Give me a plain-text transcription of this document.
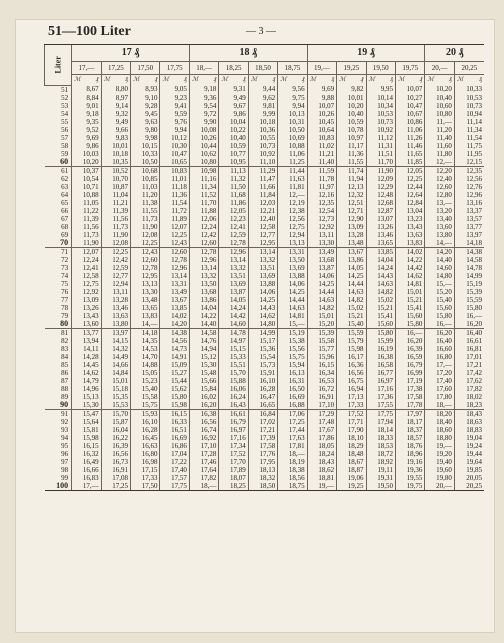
51—100 Liter	— 3 —
Liter	17 ₰				18 ₰				19 ₰				20 ₰	
	17,—	17,25	17,50	17,75	18,—	18,25	18,50	18,75	19,—	19,25	19,50	19,75	20,—	20,25

	ℳ ₰	ℳ ₰	ℳ ₰	ℳ ₰	ℳ ₰	ℳ ₰	ℳ ₰	ℳ ₰	ℳ ₰	ℳ ₰	ℳ ₰	ℳ ₰	ℳ ₰	ℳ ₰
51	8,67	8,80	8,93	9,05	9,18	9,31	9,44	9,56	9,69	9,82	9,95	10,07	10,20	10,33
52	8,84	8,97	9,10	9,23	9,36	9,49	9,62	9,75	9,88	10,01	10,14	10,27	10,40	10,53
53	9,01	9,14	9,28	9,41	9,54	9,67	9,81	9,94	10,07	10,20	10,34	10,47	10,60	10,73
54	9,18	9,32	9,45	9,59	9,72	9,86	9,99	10,13	10,26	10,40	10,53	10,67	10,80	10,94
55	9,35	9,49	9,63	9,76	9,90	10,04	10,18	10,31	10,45	10,59	10,73	10,86	11,—	11,14
56	9,52	9,66	9,80	9,94	10,08	10,22	10,36	10,50	10,64	10,78	10,92	11,06	11,20	11,34
57	9,69	9,83	9,98	10,12	10,26	10,40	10,55	10,69	10,83	10,97	11,12	11,26	11,40	11,54
58	9,86	10,01	10,15	10,30	10,44	10,59	10,73	10,88	11,02	11,17	11,31	11,46	11,60	11,75
59	10,03	10,18	10,33	10,47	10,62	10,77	10,92	11,06	11,21	11,36	11,51	11,65	11,80	11,95
60	10,20	10,35	10,50	10,65	10,80	10,95	11,10	11,25	11,40	11,55	11,70	11,85	12,—	12,15
61	10,37	10,52	10,68	10,83	10,98	11,13	11,29	11,44	11,59	11,74	11,90	12,05	12,20	12,35
62	10,54	10,70	10,85	11,01	11,16	11,32	11,47	11,63	11,78	11,94	12,09	12,25	12,40	12,56
63	10,71	10,87	11,03	11,18	11,34	11,50	11,66	11,81	11,97	12,13	12,29	12,44	12,60	12,76
64	10,88	11,04	11,20	11,36	11,52	11,68	11,84	12,—	12,16	12,32	12,48	12,64	12,80	12,96
65	11,05	11,21	11,38	11,54	11,70	11,86	12,03	12,19	12,35	12,51	12,68	12,84	13,—	13,16
66	11,22	11,39	11,55	11,72	11,88	12,05	12,21	12,38	12,54	12,71	12,87	13,04	13,20	13,37
67	11,39	11,56	11,73	11,89	12,06	12,23	12,40	12,56	12,73	12,90	13,07	13,23	13,40	13,57
68	11,56	11,73	11,90	12,07	12,24	12,41	12,58	12,75	12,92	13,09	13,26	13,43	13,60	13,77
69	11,73	11,90	12,08	12,25	12,42	12,59	12,77	12,94	13,11	13,28	13,46	13,63	13,80	13,97
70	11,90	12,08	12,25	12,43	12,60	12,78	12,95	13,13	13,30	13,48	13,65	13,83	14,—	14,18
71	12,07	12,25	12,43	12,60	12,78	12,96	13,14	13,31	13,49	13,67	13,85	14,02	14,20	14,38
72	12,24	12,42	12,60	12,78	12,96	13,14	13,32	13,50	13,68	13,86	14,04	14,22	14,40	14,58
73	12,41	12,59	12,78	12,96	13,14	13,32	13,51	13,69	13,87	14,05	14,24	14,42	14,60	14,78
74	12,58	12,77	12,95	13,14	13,32	13,51	13,69	13,88	14,06	14,25	14,43	14,62	14,80	14,99
75	12,75	12,94	13,13	13,31	13,50	13,69	13,88	14,06	14,25	14,44	14,63	14,81	15,—	15,19
76	12,92	13,11	13,30	13,49	13,68	13,87	14,06	14,25	14,44	14,63	14,82	15,01	15,20	15,39
77	13,09	13,28	13,48	13,67	13,86	14,05	14,25	14,44	14,63	14,82	15,02	15,21	15,40	15,59
78	13,26	13,46	13,65	13,85	14,04	14,24	14,43	14,63	14,82	15,02	15,21	15,41	15,60	15,80
79	13,43	13,63	13,83	14,02	14,22	14,42	14,62	14,81	15,01	15,21	15,41	15,60	15,80	16,—
80	13,60	13,80	14,—	14,20	14,40	14,60	14,80	15,—	15,20	15,40	15,60	15,80	16,—	16,20
81	13,77	13,97	14,18	14,38	14,58	14,78	14,99	15,19	15,39	15,59	15,80	16,—	16,20	16,40
82	13,94	14,15	14,35	14,56	14,76	14,97	15,17	15,38	15,58	15,79	15,99	16,20	16,40	16,61
83	14,11	14,32	14,53	14,73	14,94	15,15	15,36	15,56	15,77	15,98	16,19	16,39	16,60	16,81
84	14,28	14,49	14,70	14,91	15,12	15,33	15,54	15,75	15,96	16,17	16,38	16,59	16,80	17,01
85	14,45	14,66	14,88	15,09	15,30	15,51	15,73	15,94	16,15	16,36	16,58	16,79	17,—	17,21
86	14,62	14,84	15,05	15,27	15,48	15,70	15,91	16,13	16,34	16,56	16,77	16,99	17,20	17,42
87	14,79	15,01	15,23	15,44	15,66	15,88	16,10	16,31	16,53	16,75	16,97	17,19	17,40	17,62
88	14,96	15,18	15,40	15,62	15,84	16,06	16,28	16,50	16,72	16,94	17,16	17,38	17,60	17,82
89	15,13	15,35	15,58	15,80	16,02	16,24	16,47	16,69	16,91	17,13	17,36	17,58	17,80	18,02
90	15,30	15,53	15,75	15,98	16,20	16,43	16,65	16,88	17,10	17,33	17,55	17,78	18,—	18,23
91	15,47	15,70	15,93	16,15	16,38	16,61	16,84	17,06	17,29	17,52	17,75	17,97	18,20	18,43
92	15,64	15,87	16,10	16,33	16,56	16,79	17,02	17,25	17,48	17,71	17,94	18,17	18,40	18,63
93	15,81	16,04	16,28	16,51	16,74	16,97	17,21	17,44	17,67	17,90	18,14	18,37	18,60	18,83
94	15,98	16,22	16,45	16,69	16,92	17,16	17,39	17,63	17,86	18,10	18,33	18,57	18,80	19,04
95	16,15	16,39	16,63	16,86	17,10	17,34	17,58	17,81	18,05	18,29	18,53	18,76	19,—	19,24
96	16,32	16,56	16,80	17,04	17,28	17,52	17,76	18,—	18,24	18,48	18,72	18,96	19,20	19,44
97	16,49	16,73	16,98	17,22	17,46	17,70	17,95	18,19	18,43	18,67	18,92	19,16	19,40	19,64
98	16,66	16,91	17,15	17,40	17,64	17,89	18,13	18,38	18,62	18,87	19,11	19,36	19,60	19,85
99	16,83	17,08	17,33	17,57	17,82	18,07	18,32	18,56	18,81	19,06	19,31	19,55	19,80	20,05
100	17,—	17,25	17,50	17,75	18,—	18,25	18,50	18,75	19,—	19,25	19,50	19,75	20,—	20,25
